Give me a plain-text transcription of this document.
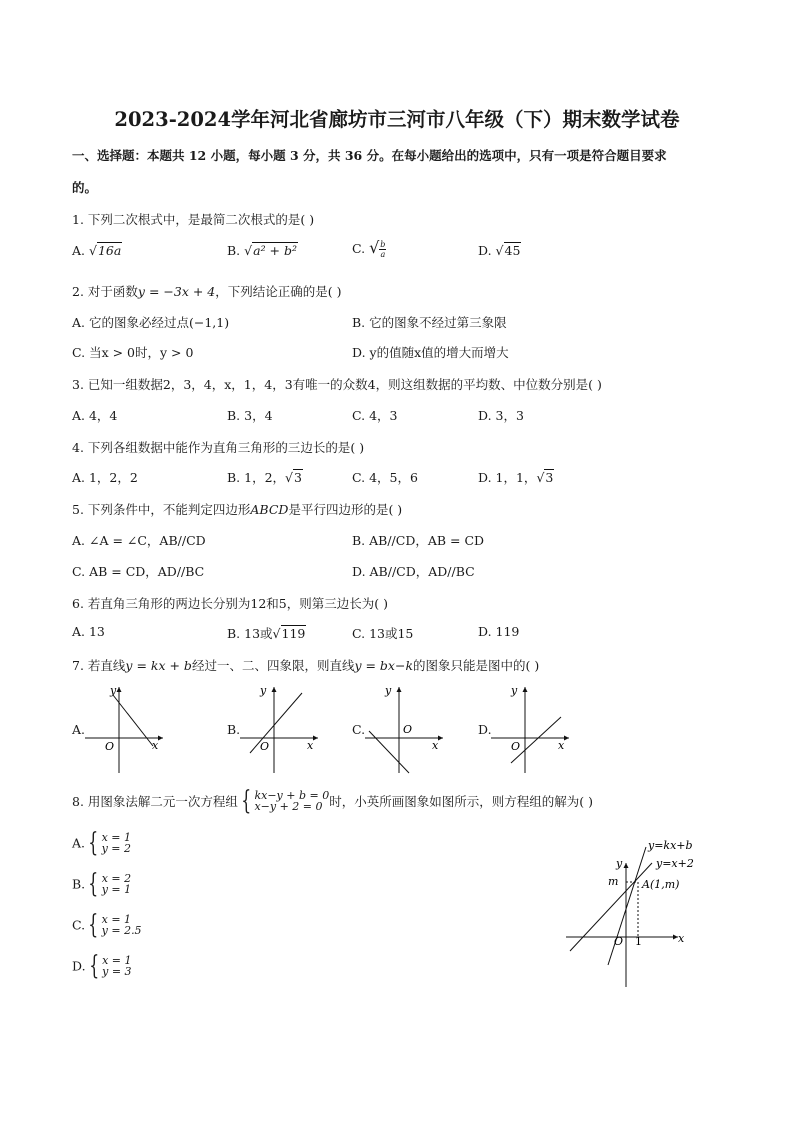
2023-2024学年河北省廊坊市三河市八年级（下）期末数学试卷
一、选择题：本题共 12 小题，每小题 3 分，共 36 分。在每小题给出的选项中，只有一项是符合题目要求
的。
1. 下列二次根式中，是最简二次根式的是( )
A. √16a	B. √a² + b²	C. √ $\frac{b}{a}$	D. √45
2. 对于函数y = −3x + 4，下列结论正确的是( )
A. 它的图象必经过点(−1,1)	B. 它的图象不经过第三象限
C. 当x > 0时，y > 0	D. y的值随x值的增大而增大
3. 已知一组数据2，3，4，x，1，4，3有唯一的众数4，则这组数据的平均数、中位数分别是( )
A. 4，4	B. 3，4	C. 4，3	D. 3，3
4. 下列各组数据中能作为直角三角形的三边长的是( )
A. 1，2，2	B. 1，2，√3	C. 4，5，6	D. 1，1，√3
5. 下列条件中，不能判定四边形ABCD是平行四边形的是( )
A. ∠A = ∠C，AB//CD	B. AB//CD，AB = CD
C. AB = CD，AD//BC	D. AB//CD，AD//BC
6. 若直角三角形的两边长分别为12和5，则第三边长为( )
A. 13	B. 13或√119	C. 13或15	D. 119
7. 若直线y = kx + b经过一、二、四象限，则直线y = bx−k的图象只能是图中的( )
A.
y
x
O
B.
y
x
O
C.
y
x
O	D.
y
x
O
8. 用图象法解二元一次方程组 { kx−y + b = 0
x−y + 2 = 0 时，小英所画图象如图所示，则方程组的解为( )
A. { x = 1
y = 2
B. { x = 2
y = 1
C. { x = 1
y = 2.5
D. { x = 1
y = 3
y=kx+b
y=x+2
A(1,m)
m
y
x
O 1
